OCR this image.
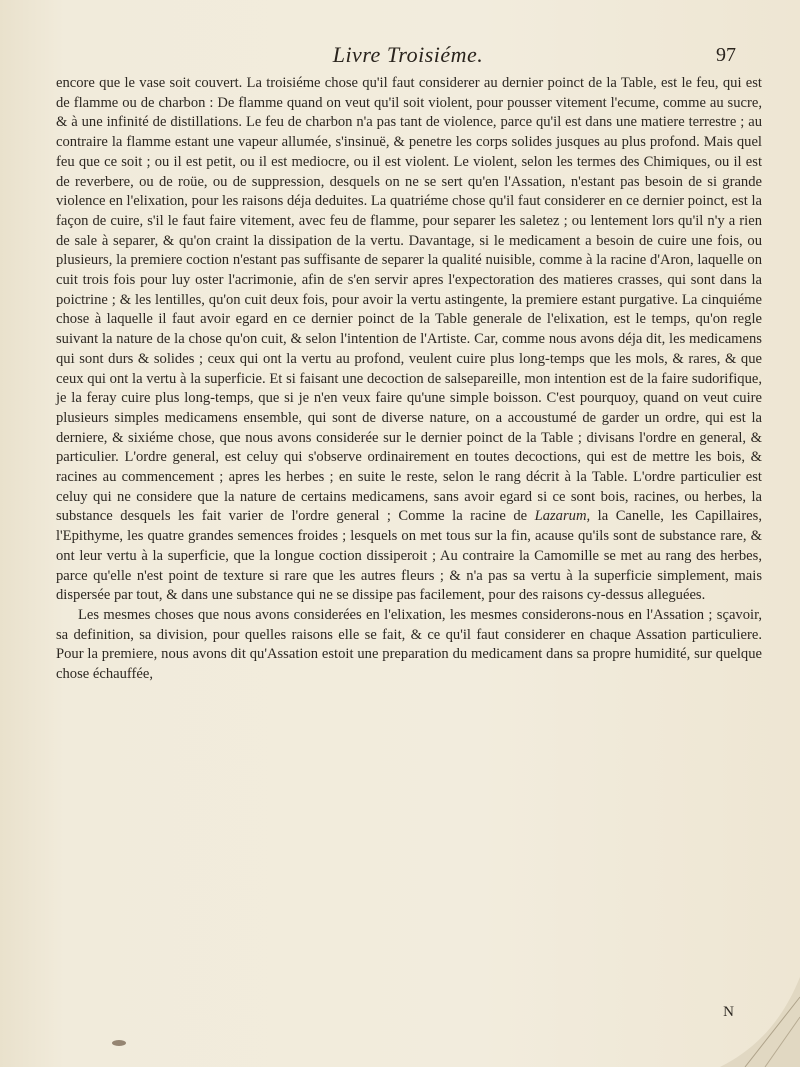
Livre Troisiéme.	97

encore que le vase soit couvert. La troisiéme chose qu'il faut considerer au dernier poinct de la Table, est le feu, qui est de flamme ou de charbon : De flamme quand on veut qu'il soit violent, pour pousser vitement l'ecume, comme au sucre, & à une infinité de distillations. Le feu de charbon n'a pas tant de violence, parce qu'il est dans une matiere terrestre ; au contraire la flamme estant une vapeur allumée, s'insinuë, & penetre les corps solides jusques au plus profond. Mais quel feu que ce soit ; ou il est petit, ou il est mediocre, ou il est violent. Le violent, selon les termes des Chimiques, ou il est de reverbere, ou de roüe, ou de suppression, desquels on ne se sert qu'en l'Assation, n'estant pas besoin de si grande violence en l'elixation, pour les raisons déja deduites. La quatriéme chose qu'il faut considerer en ce dernier poinct, est la façon de cuire, s'il le faut faire vitement, avec feu de flamme, pour separer les saletez ; ou lentement lors qu'il n'y a rien de sale à separer, & qu'on craint la dissipation de la vertu. Davantage, si le medicament a besoin de cuire une fois, ou plusieurs, la premiere coction n'estant pas suffisante de separer la qualité nuisible, comme à la racine d'Aron, laquelle on cuit trois fois pour luy oster l'acrimonie, afin de s'en servir apres l'expectoration des matieres crasses, qui sont dans la poictrine ; & les lentilles, qu'on cuit deux fois, pour avoir la vertu astingente, la premiere estant purgative. La cinquiéme chose à laquelle il faut avoir egard en ce dernier poinct de la Table generale de l'elixation, est le temps, qu'on regle suivant la nature de la chose qu'on cuit, & selon l'intention de l'Artiste. Car, comme nous avons déja dit, les medicamens qui sont durs & solides ; ceux qui ont la vertu au profond, veulent cuire plus long-temps que les mols, & rares, & que ceux qui ont la vertu à la superficie. Et si faisant une decoction de salsepareille, mon intention est de la faire sudorifique, je la feray cuire plus long-temps, que si je n'en veux faire qu'une simple boisson. C'est pourquoy, quand on veut cuire plusieurs simples medicamens ensemble, qui sont de diverse nature, on a accoustumé de garder un ordre, qui est la derniere, & sixiéme chose, que nous avons considerée sur le dernier poinct de la Table ; divisans l'ordre en general, & particulier. L'ordre general, est celuy qui s'observe ordinairement en toutes decoctions, qui est de mettre les bois, & racines au commencement ; apres les herbes ; en suite le reste, selon le rang décrit à la Table. L'ordre particulier est celuy qui ne considere que la nature de certains medicamens, sans avoir egard si ce sont bois, racines, ou herbes, la substance desquels les fait varier de l'ordre general ; Comme la racine de Lazarum, la Canelle, les Capillaires, l'Epithyme, les quatre grandes semences froides ; lesquels on met tous sur la fin, acause qu'ils sont de substance rare, & ont leur vertu à la superficie, que la longue coction dissiperoit ; Au contraire la Camomille se met au rang des herbes, parce qu'elle n'est point de texture si rare que les autres fleurs ; & n'a pas sa vertu à la superficie simplement, mais dispersée par tout, & dans une substance qui ne se dissipe pas facilement, pour des raisons cy-dessus alleguées.

Les mesmes choses que nous avons considerées en l'elixation, les mesmes considerons-nous en l'Assation ; sçavoir, sa definition, sa division, pour quelles raisons elle se fait, & ce qu'il faut considerer en chaque Assation particuliere. Pour la premiere, nous avons dit qu'Assation estoit une preparation du medicament dans sa propre humidité, sur quelque chose échauffée,

N
